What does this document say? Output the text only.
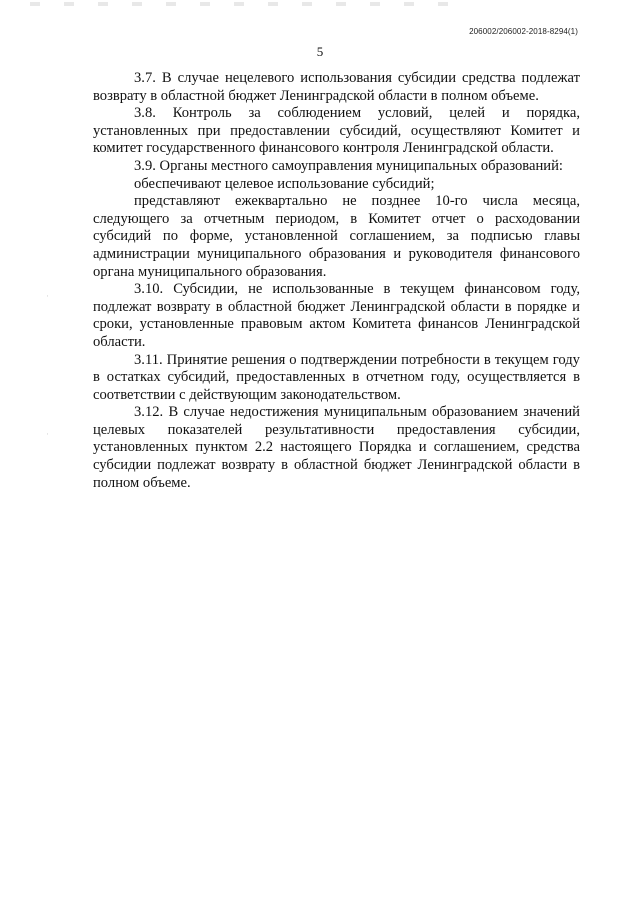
206002/206002-2018-8294(1)
5
·
·

3.7. В случае нецелевого использования субсидии средства подлежат возврату в областной бюджет Ленинградской области в полном объеме.

3.8. Контроль за соблюдением условий, целей и порядка, установленных при предоставлении субсидий, осуществляют Комитет и комитет государственного финансового контроля Ленинградской области.

3.9. Органы местного самоуправления муниципальных образований:

обеспечивают целевое использование субсидий;

представляют ежеквартально не позднее 10-го числа месяца, следующего за отчетным периодом, в Комитет отчет о расходовании субсидий по форме, установленной соглашением, за подписью главы администрации муниципального образования и руководителя финансового органа муниципального образования.

3.10. Субсидии, не использованные в текущем финансовом году, подлежат возврату в областной бюджет Ленинградской области в порядке и сроки, установленные правовым актом Комитета финансов Ленинградской области.

3.11. Принятие решения о подтверждении потребности в текущем году в остатках субсидий, предоставленных в отчетном году, осуществляется в соответствии с действующим законодательством.

3.12. В случае недостижения муниципальным образованием значений целевых показателей результативности предоставления субсидии, установленных пунктом 2.2 настоящего Порядка и соглашением, средства субсидии подлежат возврату в областной бюджет Ленинградской области в полном объеме.
